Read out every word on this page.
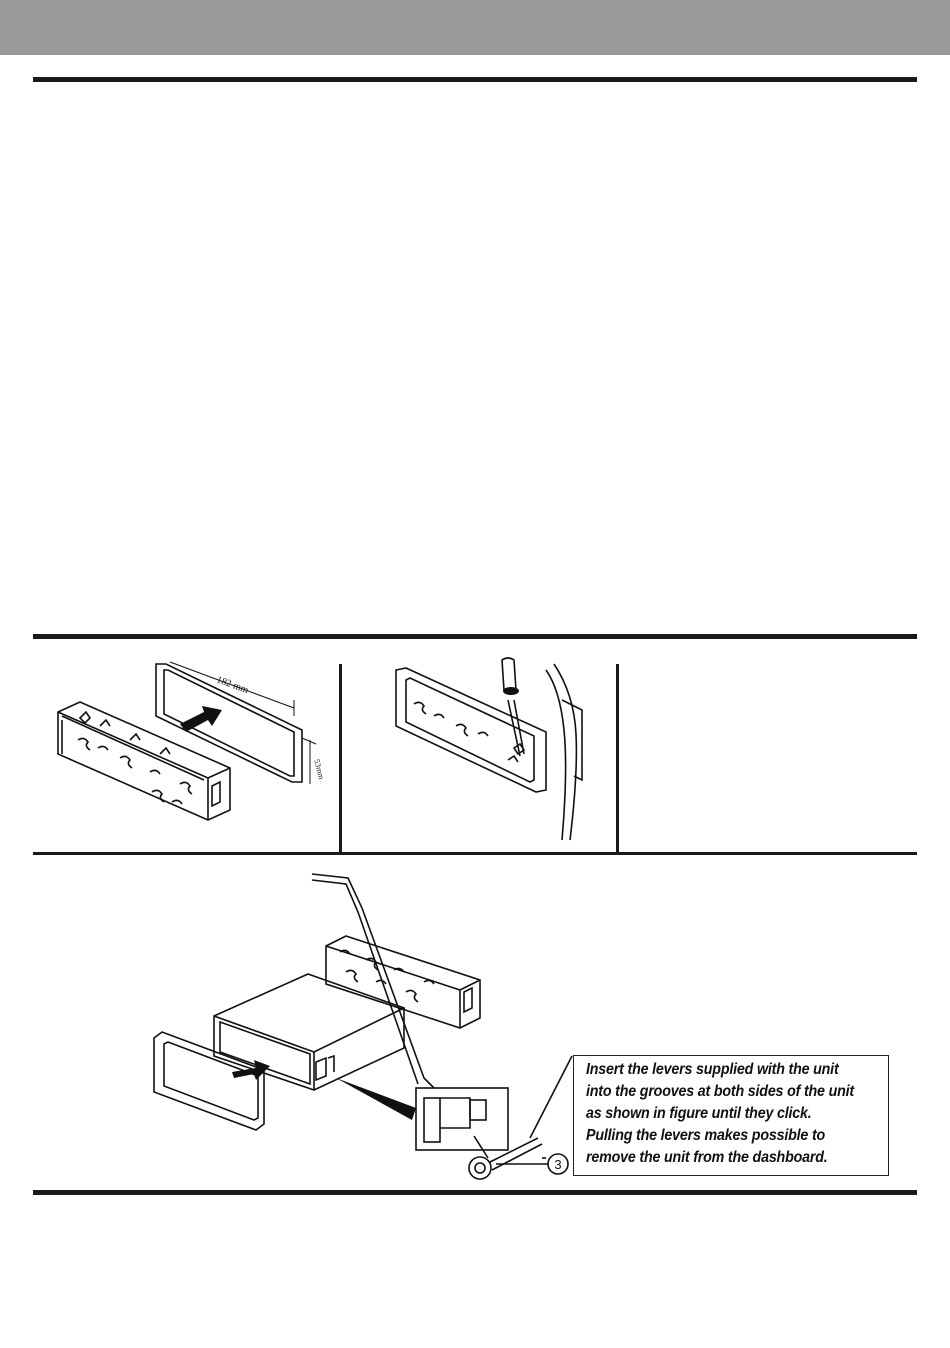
182 mm
53mm
3
Insert the levers supplied with the unit
into the grooves at both sides of the unit
as shown in figure until they click.
Pulling the levers makes possible to
remove the unit from the dashboard.
